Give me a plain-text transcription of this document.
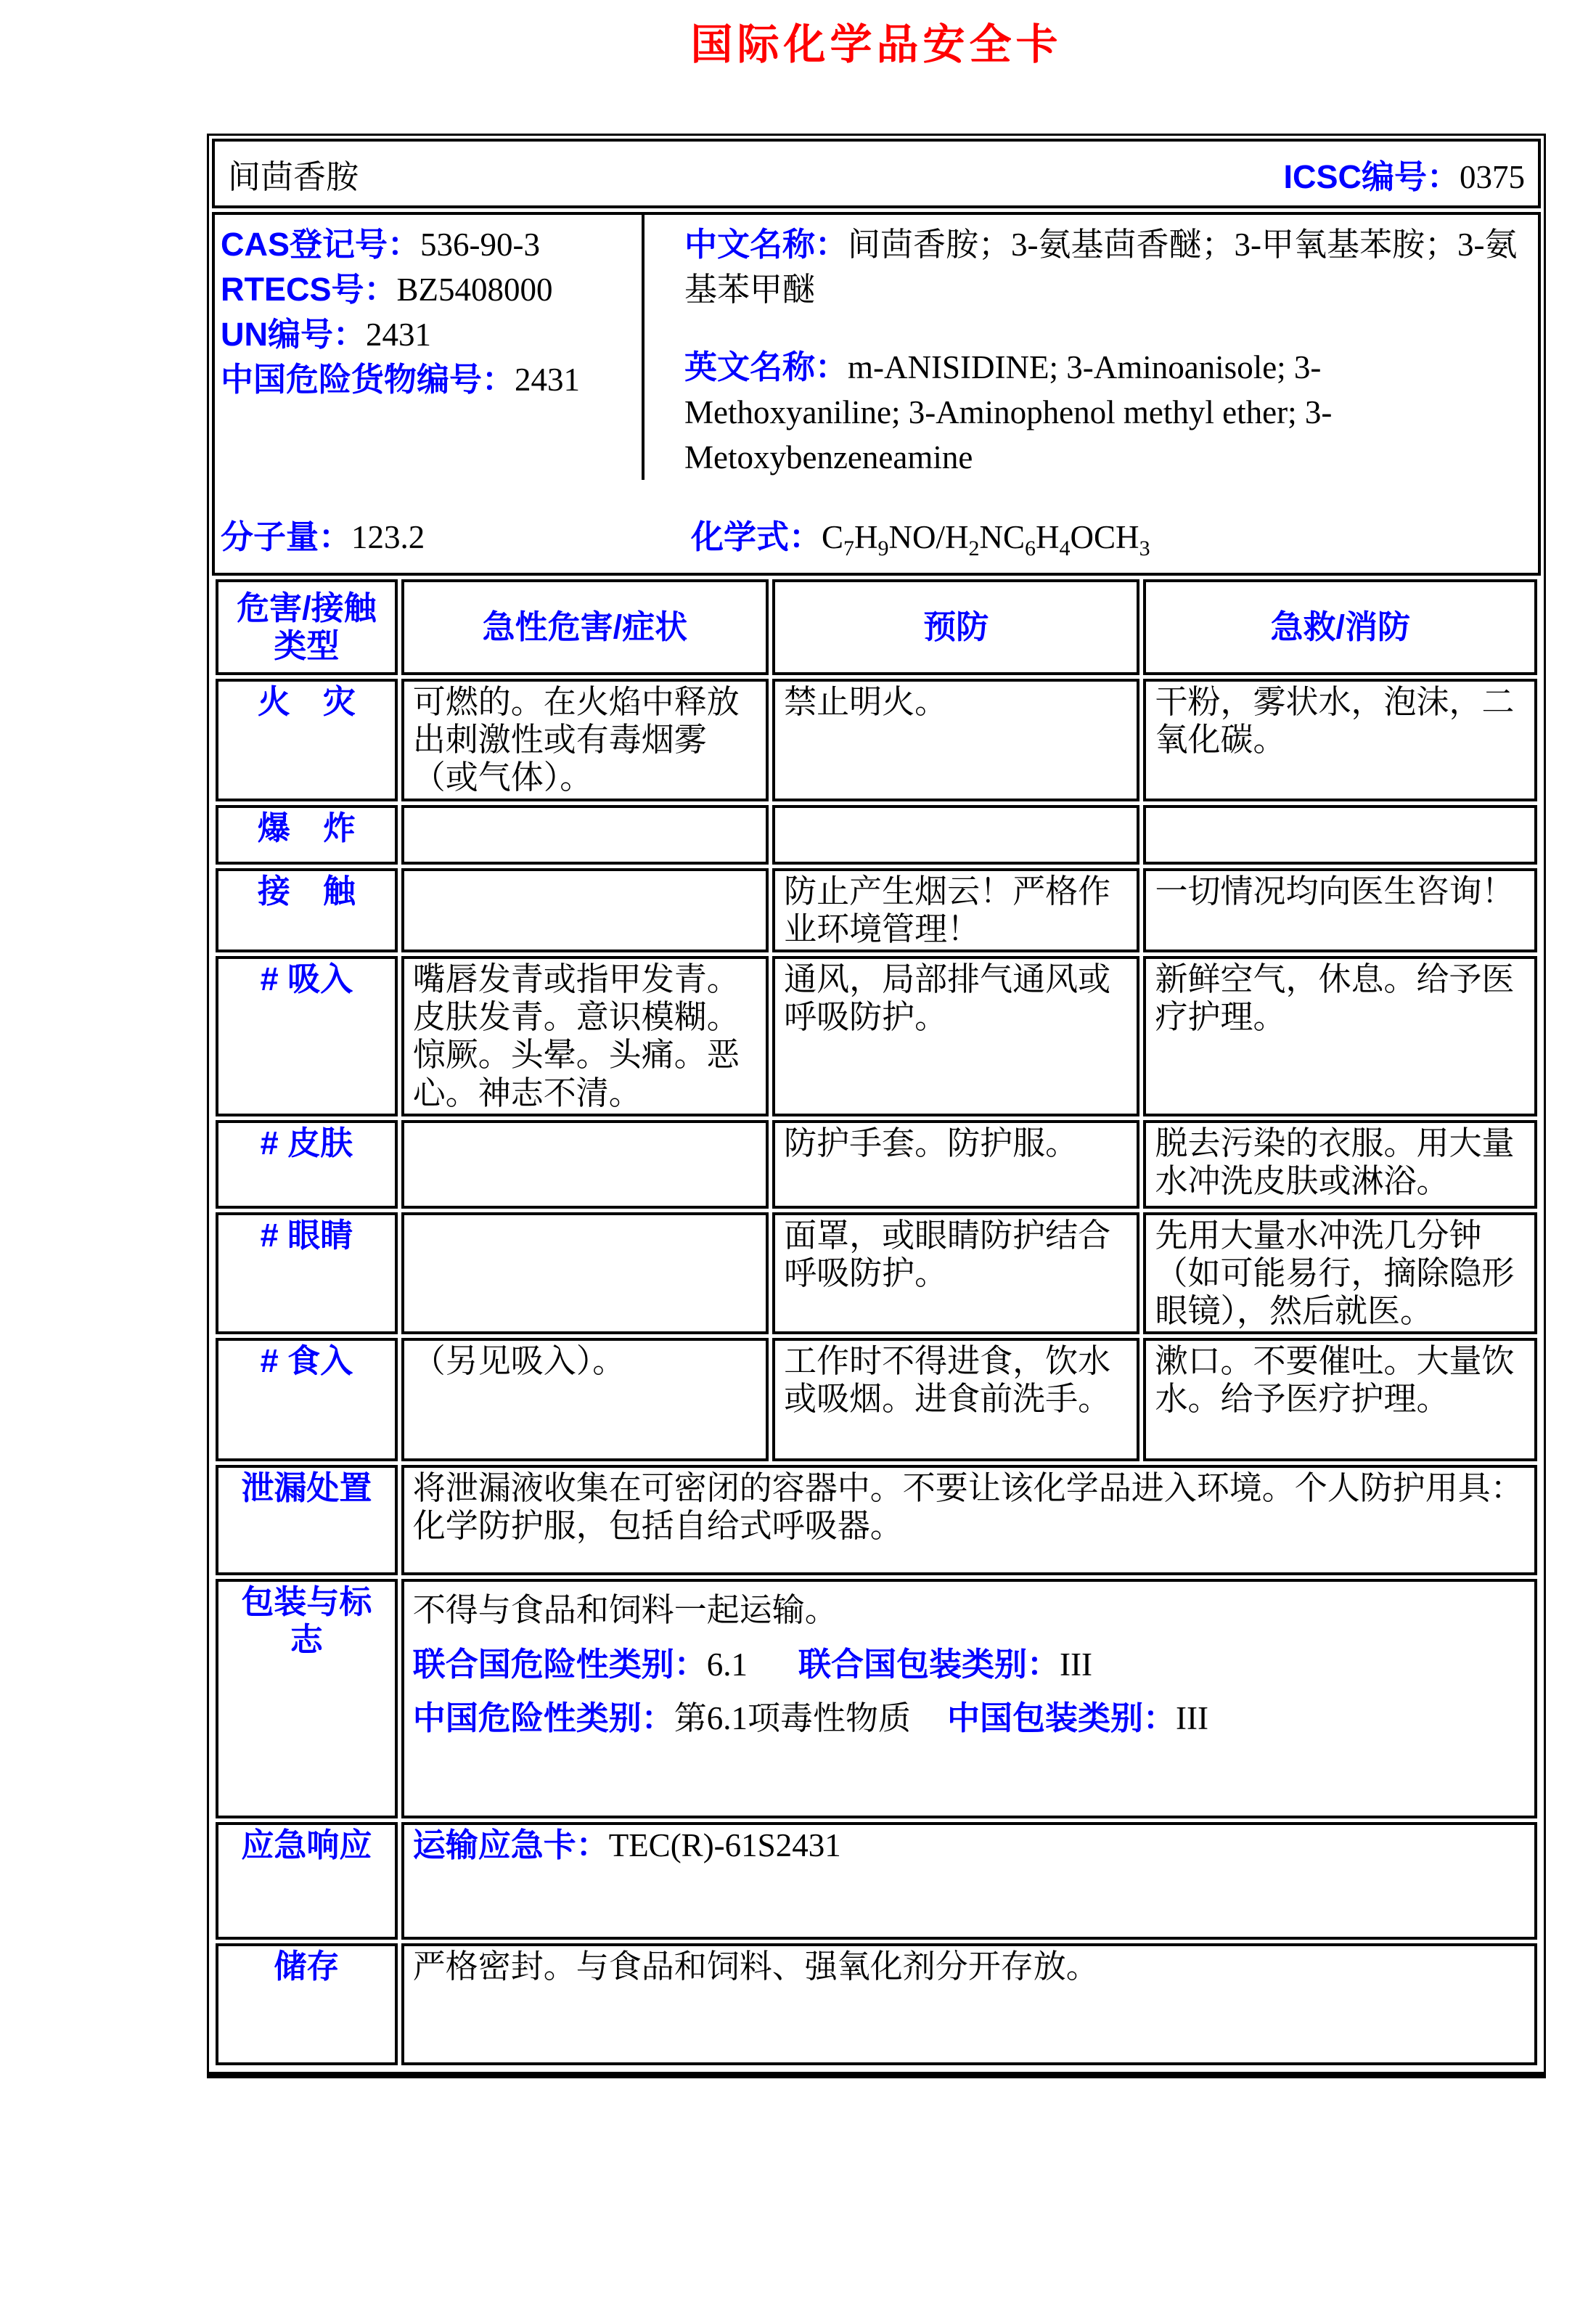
国际化学品安全卡
间茴香胺	ICSC编号：0375
CAS登记号：536-90-3
RTECS号：BZ5408000
UN编号：2431
中国危险货物编号：2431
中文名称：间茴香胺；3-氨基茴香醚；3-甲氧基苯胺；3-氨基苯甲醚
英文名称：m-ANISIDINE; 3-Aminoanisole; 3-Methoxyaniline; 3-Aminophenol methyl ether; 3-Metoxybenzeneamine
分子量：123.2	化学式：$C_7H_9NO/H_2NC_6H_4OCH_3$
危害/接触 类型	急性危害/症状	预防	急救/消防
火　灾	可燃的。在火焰中释放出刺激性或有毒烟雾（或气体）。	禁止明火。	干粉，雾状水，泡沫，二氧化碳。
爆　炸			
接　触		防止产生烟云！严格作业环境管理！	一切情况均向医生咨询！
# 吸入	嘴唇发青或指甲发青。皮肤发青。意识模糊。惊厥。头晕。头痛。恶心。神志不清。	通风，局部排气通风或呼吸防护。	新鲜空气，休息。给予医疗护理。
# 皮肤		防护手套。防护服。	脱去污染的衣服。用大量水冲洗皮肤或淋浴。
# 眼睛		面罩，或眼睛防护结合呼吸防护。	先用大量水冲洗几分钟（如可能易行，摘除隐形眼镜），然后就医。
# 食入	（另见吸入）。	工作时不得进食，饮水或吸烟。进食前洗手。	漱口。不要催吐。大量饮水。给予医疗护理。
泄漏处置	将泄漏液收集在可密闭的容器中。不要让该化学品进入环境。个人防护用具：化学防护服，包括自给式呼吸器。		
包装与标志	不得与食品和饲料一起运输。
联合国危险性类别：6.1 联合国包装类别：III
中国危险性类别：第6.1项毒性物质 中国包装类别：III		

应急响应	运输应急卡：TEC(R)-61S2431		
储存	严格密封。与食品和饲料、强氧化剂分开存放。		
